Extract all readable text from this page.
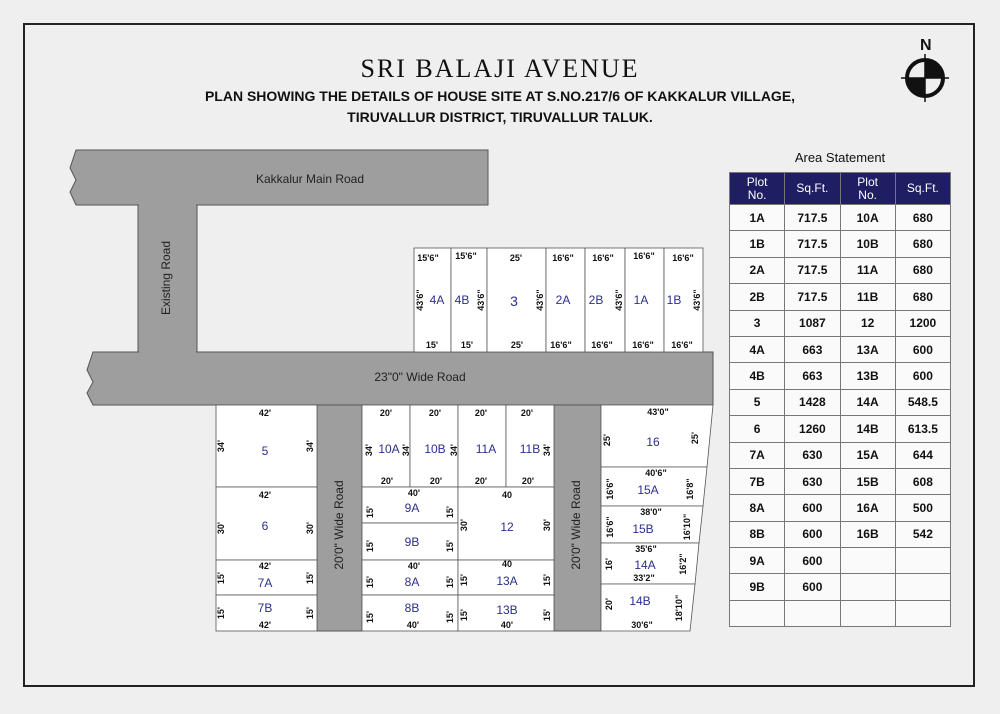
SRI BALAJI AVENUE
PLAN SHOWING THE DETAILS OF HOUSE SITE AT S.NO.217/6 OF KAKKALUR VILLAGE,
TIRUVALLUR DISTRICT, TIRUVALLUR TALUK.
N
Kakkalur Main Road
Existing Road
23"0" Wide Road
20'0" Wide Road	20'0" Wide Road
4A 4B	3	2A 2B	1A 1B
5
6
7A
7B
10A 10B	11A 11B
9A
9B
8A
8B
12
13A
13B
16
15A
15B
14A
14B
15'6" 15'6"	25'	16'6" 16'6" 16'6" 16'6"
15'	15'	25'	16'6" 16'6" 16'6" 16'6"
43'6"	43'6"	43'6"	43'6"	43'6"
42'
34'	34'
42'
30'	30'
42'
15'	15'
15'	15'
42'
20'	20'	20'	20'
34'	34'	34'	34'
20'	20'	20'	20'
40'
15'	15'
15'	15'
40'
15'	15'
15'	15'
40'
40
30'	30'
40
15'	15'
15'	15'
40'
43'0"
25'	25'
40'6"
16'6"	16'8"
38'0"
16'6"	16'10"
35'6"
16'	16'2"
33'2"
20'	18'10"
30'6"
Area Statement
Plot
No.	Sq.Ft.	Plot
No.	Sq.Ft.
1A	717.5	10A	680
1B	717.5	10B	680
2A	717.5	11A	680
2B	717.5	11B	680
3	1087	12	1200
4A	663	13A	600
4B	663	13B	600
5	1428	14A	548.5
6	1260	14B	613.5
7A	630	15A	644
7B	630	15B	608
8A	600	16A	500
8B	600	16B	542
9A	600		
9B	600		
